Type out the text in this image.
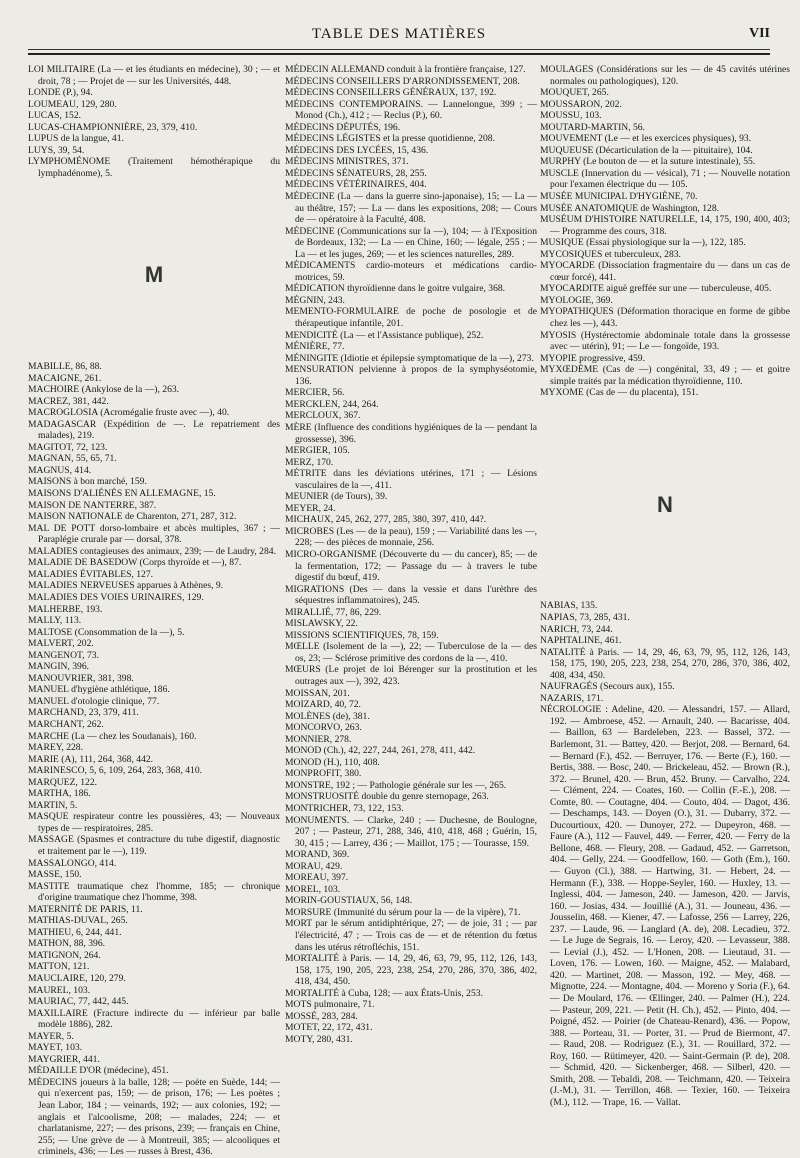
TABLE DES MATIÈRES	VII

LOI MILITAIRE (La — et les étudiants en médecine), 30 ; — et droit, 78 ; — Projet de — sur les Universités, 448.

LONDE (P.), 94.

LOUMEAU, 129, 280.

LUCAS, 152.

LUCAS-CHAMPIONNIÈRE, 23, 379, 410.

LUPUS de la langue, 41.

LUYS, 39, 54.

LYMPHOMÉNOME (Traitement hémothérapique du lymphadénome), 5.

M

MABILLE, 86, 88.

MACAIGNE, 261.

MACHOIRE (Ankylose de la —), 263.

MACREZ, 381, 442.

MACROGLOSIA (Acromégalie fruste avec —), 40.

MADAGASCAR (Expédition de —. Le repatriement des malades), 219.

MAGITOT, 72, 123.

MAGNAN, 55, 65, 71.

MAGNUS, 414.

MAISONS à bon marché, 159.

MAISONS D'ALIÉNÉS EN ALLEMAGNE, 15.

MAISON DE NANTERRE, 387.

MAISON NATIONALE de Charenton, 271, 287, 312.

MAL DE POTT dorso-lombaire et abcès multiples, 367 ; — Paraplégie crurale par — dorsal, 378.

MALADIES contagieuses des animaux, 239; — de Laudry, 284.

MALADIE DE BASEDOW (Corps thyroïde et —), 87.

MALADIES ÉVITABLES, 127.

MALADIES NERVEUSES apparues à Athènes, 9.

MALADIES DES VOIES URINAIRES, 129.

MALHERBE, 193.

MALLY, 113.

MALTOSE (Consommation de la —), 5.

MALVERT, 202.

MANGENOT, 73.

MANGIN, 396.

MANOUVRIER, 381, 398.

MANUEL d'hygiène athlétique, 186.

MANUEL d'otologie clinique, 77.

MARCHAND, 23, 379, 411.

MARCHANT, 262.

MARCHE (La — chez les Soudanais), 160.

MAREY, 228.

MARIE (A), 111, 264, 368, 442.

MARINESCO, 5, 6, 109, 264, 283, 368, 410.

MARQUEZ, 122.

MARTHA, 186.

MARTIN, 5.

MASQUE respirateur contre les poussières, 43; — Nouveaux types de — respiratoires, 285.

MASSAGE (Spasmes et contracture du tube digestif, diagnostic et traitement par le —), 119.

MASSALONGO, 414.

MASSE, 150.

MASTITE traumatique chez l'homme, 185; — chronique d'origine traumatique chez l'homme, 398.

MATERNITÉ DE PARIS, 11.

MATHIAS-DUVAL, 265.

MATHIEU, 6, 244, 441.

MATHON, 88, 396.

MATIGNON, 264.

MATTON, 121.

MAUCLAIRE, 120, 279.

MAUREL, 103.

MAURIAC, 77, 442, 445.

MAXILLAIRE (Fracture indirecte du — inférieur par balle modèle 1886), 282.

MAYER, 5.

MAYET, 103.

MAYGRIER, 441.

MÉDAILLE D'OR (médecine), 451.

MÉDECINS joueurs à la balle, 128; — poète en Suède, 144; — qui n'exercent pas, 159; — de prison, 176; — Les poètes ; Jean Labor, 184 ; — veinards, 192; — aux colonies, 192; — anglais et l'alcoolisme, 208; — malades, 224; — et charlatanisme, 227; — des prisons, 239; — français en Chine, 255; — Une grève de — à Montreuil, 385; — alcooliques et criminels, 436; — Les — russes à Brest, 436.

MÉDECIN ALLEMAND conduit à la frontière française, 127.

MÉDECINS CONSEILLERS D'ARRONDISSEMENT, 208.

MÉDECINS CONSEILLERS GÉNÉRAUX, 137, 192.

MÉDECINS CONTEMPORAINS. — Lannelongue, 399 ; — Monod (Ch.), 412 ; — Reclus (P.), 60.

MÉDECINS DÉPUTÉS, 196.

MÉDECINS LÉGISTES et la presse quotidienne, 208.

MÉDECINS DES LYCÉES, 15, 436.

MÉDECINS MINISTRES, 371.

MÉDECINS SÉNATEURS, 28, 255.

MÉDECINS VÉTÉRINAIRES, 404.

MÉDECINE (La — dans la guerre sino-japonaise), 15; — La — au théâtre, 157; — La — dans les expositions, 208; — Cours de — opératoire à la Faculté, 408.

MÉDECINE (Communications sur la —), 104; — à l'Exposition de Bordeaux, 132; — La — en Chine, 160; — légale, 255 ; — La — et les juges, 269; — et les sciences naturelles, 289.

MÉDICAMENTS cardio-moteurs et médications cardio-motrices, 59.

MÉDICATION thyroïdienne dans le goitre vulgaire, 368.

MÉGNIN, 243.

MEMENTO-FORMULAIRE de poche de posologie et de thérapeutique infantile, 201.

MENDICITÉ (La — et l'Assistance publique), 252.

MÉNIÈRE, 77.

MÉNINGITE (Idiotie et épilepsie symptomatique de la —), 273.

MENSURATION pelvienne à propos de la symphyséotomie, 136.

MERCIER, 56.

MERCKLEN, 244, 264.

MERCLOUX, 367.

MÈRE (Influence des conditions hygiéniques de la — pendant la grossesse), 396.

MERGIER, 105.

MERZ, 170.

MÉTRITE dans les déviations utérines, 171 ; — Lésions vasculaires de la —, 411.

MEUNIER (de Tours), 39.

MEYER, 24.

MICHAUX, 245, 262, 277, 285, 380, 397, 410, 44?.

MICROBES (Les — de la peau), 159 ; — Variabilité dans les —, 228; — des pièces de monnaie, 256.

MICRO-ORGANISME (Découverte du — du cancer), 85; — de la fermentation, 172; — Passage du — à travers le tube digestif du bœuf, 419.

MIGRATIONS (Des — dans la vessie et dans l'urèthre des séquestres inflammatoires), 245.

MIRALLIÉ, 77, 86, 229.

MISLAWSKY, 22.

MISSIONS SCIENTIFIQUES, 78, 159.

MŒLLE (Isolement de la —), 22; — Tuberculose de la — des os, 23; — Sclérose primitive des cordons de la —, 410.

MŒURS (Le projet de loi Bérenger sur la prostitution et les outrages aux —), 392, 423.

MOISSAN, 201.

MOIZARD, 40, 72.

MOLÈNES (de), 381.

MONCORVO, 263.

MONNIER, 278.

MONOD (Ch.), 42, 227, 244, 261, 278, 411, 442.

MONOD (H.), 110, 408.

MONPROFIT, 380.

MONSTRE, 192 ; — Pathologie générale sur les —, 265.

MONSTRUOSITÉ double du genre sternopage, 263.

MONTRICHER, 73, 122, 153.

MONUMENTS. — Clarke, 240 ; — Duchesne, de Boulogne, 207 ; — Pasteur, 271, 288, 346, 410, 418, 468 ; Guérin, 15, 30, 415 ; — Larrey, 436 ; — Maillot, 175 ; — Tourasse, 159.

MORAND, 369.

MORAU, 429.

MOREAU, 397.

MOREL, 103.

MORIN-GOUSTIAUX, 56, 148.

MORSURE (Immunité du sérum pour la — de la vipère), 71.

MORT par le sérum antidiphtérique, 27; — de joie, 31 ; — par l'électricité, 47 ; — Trois cas de — et de rétention du fœtus dans les utérus rétrofléchis, 151.

MORTALITÉ à Paris. — 14, 29, 46, 63, 79, 95, 112, 126, 143, 158, 175, 190, 205, 223, 238, 254, 270, 286, 370, 386, 402, 418, 434, 450.

MORTALITÉ à Cuba, 128; — aux États-Unis, 253.

MOTS pulmonaire, 71.

MOSSÉ, 283, 284.

MOTET, 22, 172, 431.

MOTY, 280, 431.

MOULAGES (Considérations sur les — de 45 cavités utérines normales ou pathologiques), 120.

MOUQUET, 265.

MOUSSARON, 202.

MOUSSU, 103.

MOUTARD-MARTIN, 56.

MOUVEMENT (Le — et les exercices physiques), 93.

MUQUEUSE (Décarticulation de la — pituitaire), 104.

MURPHY (Le bouton de — et la suture intestinale), 55.

MUSCLE (Innervation du — vésical), 71 ; — Nouvelle notation pour l'examen électrique du — 105.

MUSÉE MUNICIPAL D'HYGIÈNE, 70.

MUSÉE ANATOMIQUE de Washington, 128.

MUSÉUM D'HISTOIRE NATURELLE, 14, 175, 190, 400, 403; — Programme des cours, 318.

MUSIQUE (Essai physiologique sur la —), 122, 185.

MYCOSIQUES et tuberculeux, 283.

MYOCARDE (Dissociation fragmentaire du — dans un cas de cœur forcé), 441.

MYOCARDITE aiguë greffée sur une — tuberculeuse, 405.

MYOLOGIE, 369.

MYOPATHIQUES (Déformation thoracique en forme de gibbe chez les —), 443.

MYOSIS (Hystérectomie abdominale totale dans la grossesse avec — utérin), 91; — Le — fongoïde, 193.

MYOPIE progressive, 459.

MYXŒDÈME (Cas de —) congénital, 33, 49 ; — et goitre simple traités par la médication thyroïdienne, 110.

MYXOME (Cas de — du placenta), 151.

N

NABIAS, 135.

NAPIAS, 73, 285, 431.

NARICH, 73, 244.

NAPHTALINE, 461.

NATALITÉ à Paris. — 14, 29, 46, 63, 79, 95, 112, 126, 143, 158, 175, 190, 205, 223, 238, 254, 270, 286, 370, 386, 402, 408, 434, 450.

NAUFRAGÉS (Secours aux), 155.

NAZARIS, 171.

NÉCROLOGIE : Adeline, 420. — Alessandri, 157. — Allard, 192. — Ambroese, 452. — Arnault, 240. — Bacarisse, 404. — Baillon, 63 — Bardeleben, 223. — Bassel, 372. — Barlemont, 31. — Battey, 420. — Berjot, 208. — Bernard, 64. — Bernard (F.), 452. — Berruyer, 176. — Berte (F.), 160. — Bertis, 388. — Bosc, 240. — Brickeleau, 452. — Brown (R.), 372. — Brunel, 420. — Brun, 452. Bruny. — Carvalho, 224. — Clément, 224. — Coates, 160. — Collin (F.-E.), 208. — Comte, 80. — Coutagne, 404. — Couto, 404. — Dagot, 436. — Deschamps, 143. — Doyen (O.), 31. — Dubarry, 372. — Ducourtioux, 420. — Dunoyer, 272. — Dupeyron, 468. — Faure (A.), 112 — Fauvel, 449. — Ferrer, 420. — Ferry de la Bellone, 468. — Fleury, 208. — Gadaud, 452. — Garretson, 404. — Gelly, 224. — Goodfellow, 160. — Goth (Em.), 160. — Guyon (Cl.), 388. — Hartwing, 31. — Hebert, 24. — Hermann (F.), 338. — Hoppe-Seyler, 160. — Huxley, 13. — Inglessi, 404. — Jameson, 240. — Jameson, 420. — Jarvis, 160. — Josias, 434. — Jouillié (A.), 31. — Jouneau, 436. — Jousselin, 468. — Kiener, 47. — Lafosse, 256 — Larrey, 226, 237. — Laude, 96. — Langlard (A. de), 208. Lecadieu, 372. — Le Juge de Segrais, 16. — Leroy, 420. — Levasseur, 388. — Levial (J.), 452. — L'Honen, 208. — Lieutaud, 31. — Loven, 176. — Lowen, 160. — Maigne, 452. — Malabard, 420. — Martinet, 208. — Masson, 192. — Mey, 468. — Mignotte, 224. — Montagne, 404. — Moreno y Soria (F.), 64. — De Moulard, 176. — Œllinger, 240. — Palmer (H.), 224. — Pasteur, 209, 221. — Petit (H. Ch.), 452. — Pinto, 404. — Poigné, 452. — Poirier (de Chateau-Renard), 436. — Popow, 388. — Porteau, 31. — Porter, 31. — Prud de Biermont, 47. — Raud, 208. — Rodriguez (E.), 31. — Rouillard, 372. — Roy, 160. — Rütimeyer, 420. — Saint-Germain (P. de), 208. — Schmid, 420. — Sickenberger, 468. — Silberl, 420. — Smith, 208. — Tebaldi, 208. — Teichmann, 420. — Teixeira (J.-M.), 31. — Terrillon, 468. — Texier, 160. — Teixeira (M.), 112. — Trape, 16. — Vallat.
